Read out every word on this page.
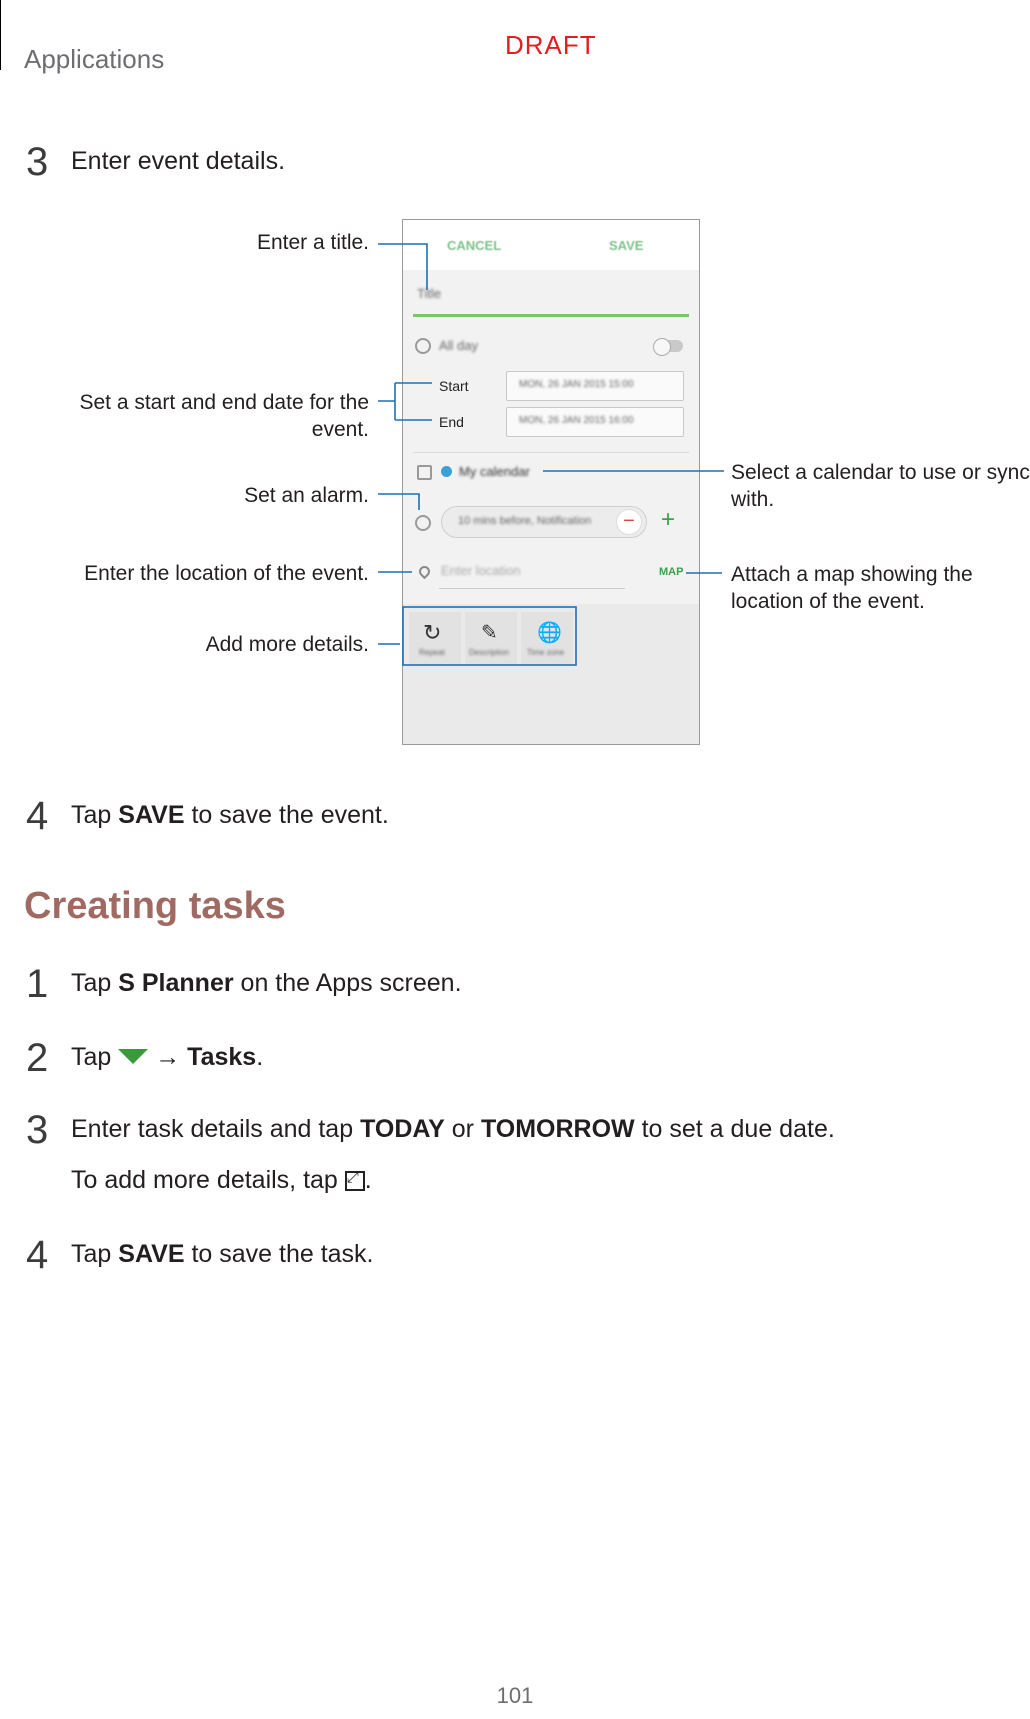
Applications	DRAFT
3 Enter event details.
CANCEL	SAVE
Title
All day
Start	MON, 26 JAN 2015 15:00
End	MON, 26 JAN 2015 16:00
My calendar
10 mins before, Notification	− +
Enter location	MAP
↻
Repeat
✎
Description
🌐
Time zone
Enter a title.
Set a start and end date for the
event.
Set an alarm.
Enter the location of the event.
Add more details.
Select a calendar to use or sync
with.
Attach a map showing the
location of the event.
4 Tap SAVE to save the event.
Creating tasks
1 Tap S Planner on the Apps screen.
2 Tap  → Tasks.
3 Enter task details and tap TODAY or TOMORROW to set a due date.
To add more details, tap ⤢.
4 Tap SAVE to save the task.
101
